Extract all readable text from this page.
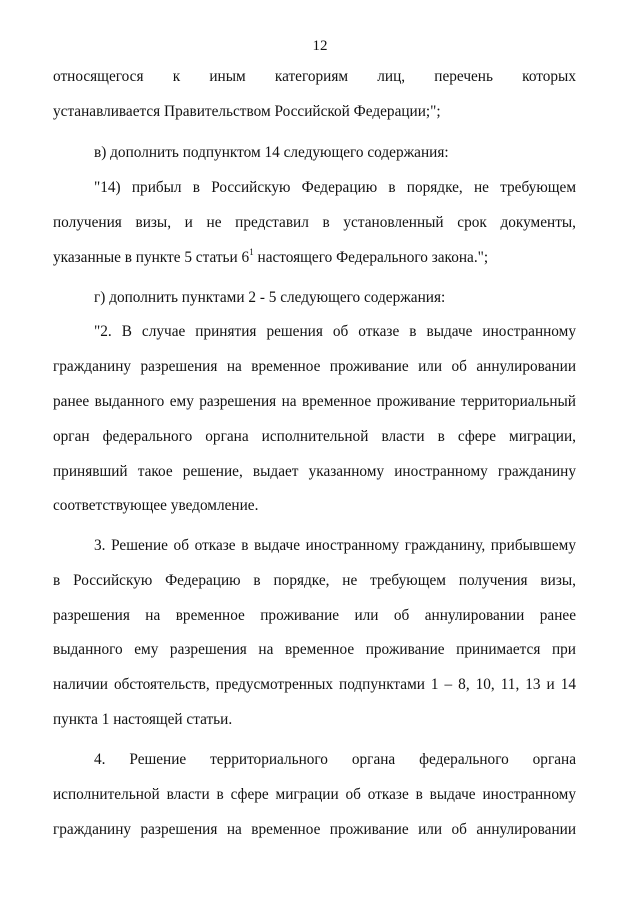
12
относящегося к иным категориям лиц, перечень которых
устанавливается Правительством Российской Федерации;";
в) дополнить подпунктом 14 следующего содержания:
"14) прибыл в Российскую Федерацию в порядке, не требующем
получения визы, и не представил в установленный срок документы,
указанные в пункте 5 статьи $6^1$ настоящего Федерального закона.";
г) дополнить пунктами 2 - 5 следующего содержания:
"2. В случае принятия решения об отказе в выдаче иностранному
гражданину разрешения на временное проживание или об аннулировании
ранее выданного ему разрешения на временное проживание территориальный
орган федерального органа исполнительной власти в сфере миграции,
принявший такое решение, выдает указанному иностранному гражданину
соответствующее уведомление.
3. Решение об отказе в выдаче иностранному гражданину, прибывшему
в Российскую Федерацию в порядке, не требующем получения визы,
разрешения на временное проживание или об аннулировании ранее
выданного ему разрешения на временное проживание принимается при
наличии обстоятельств, предусмотренных подпунктами 1 – 8, 10, 11, 13 и 14
пункта 1 настоящей статьи.
4. Решение территориального органа федерального органа
исполнительной власти в сфере миграции об отказе в выдаче иностранному
гражданину разрешения на временное проживание или об аннулировании
